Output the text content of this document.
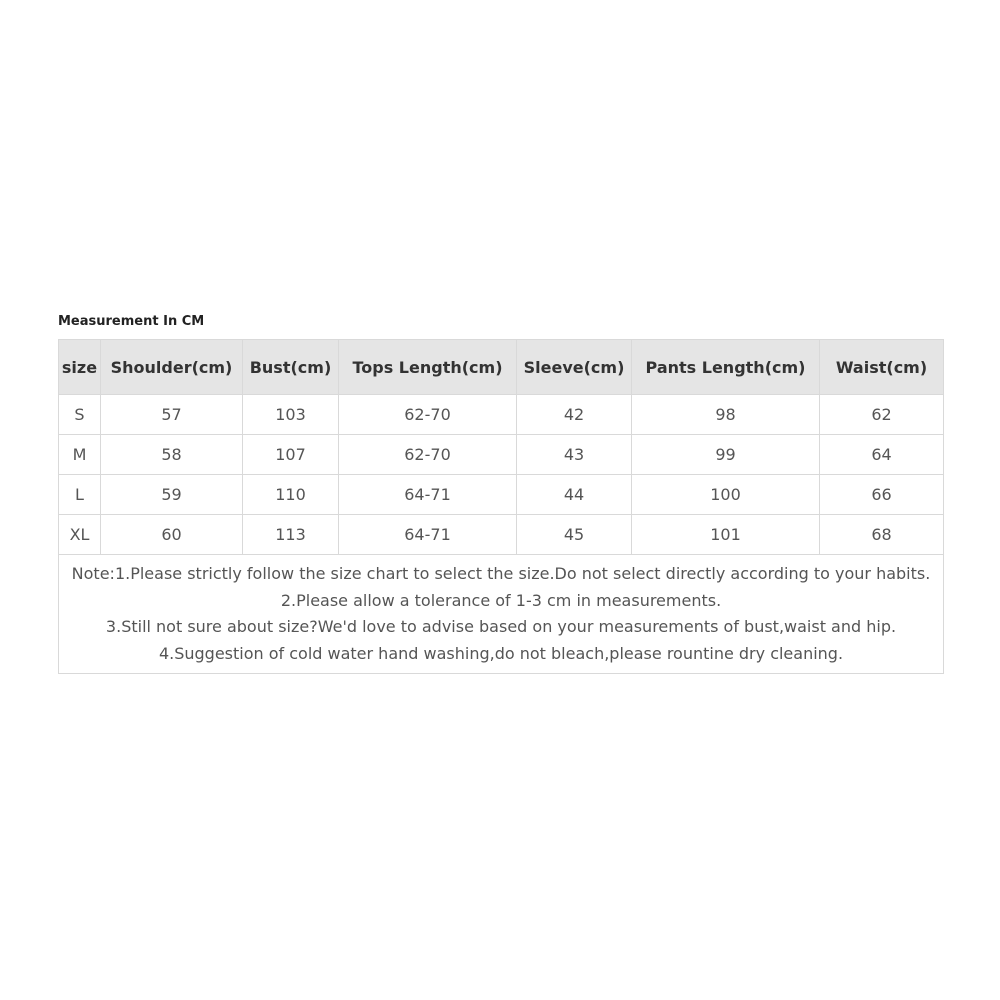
Measurement In CM
size	Shoulder(cm)	Bust(cm)	Tops Length(cm)	Sleeve(cm)	Pants Length(cm)	Waist(cm)
S	57	103	62-70	42	98	62
M	58	107	62-70	43	99	64
L	59	110	64-71	44	100	66
XL	60	113	64-71	45	101	68

Note:1.Please strictly follow the size chart to select the size.Do not select directly according to your habits.
2.Please allow a tolerance of 1-3 cm in measurements.
3.Still not sure about size?We'd love to advise based on your measurements of bust,waist and hip.
4.Suggestion of cold water hand washing,do not bleach,please rountine dry cleaning.						
